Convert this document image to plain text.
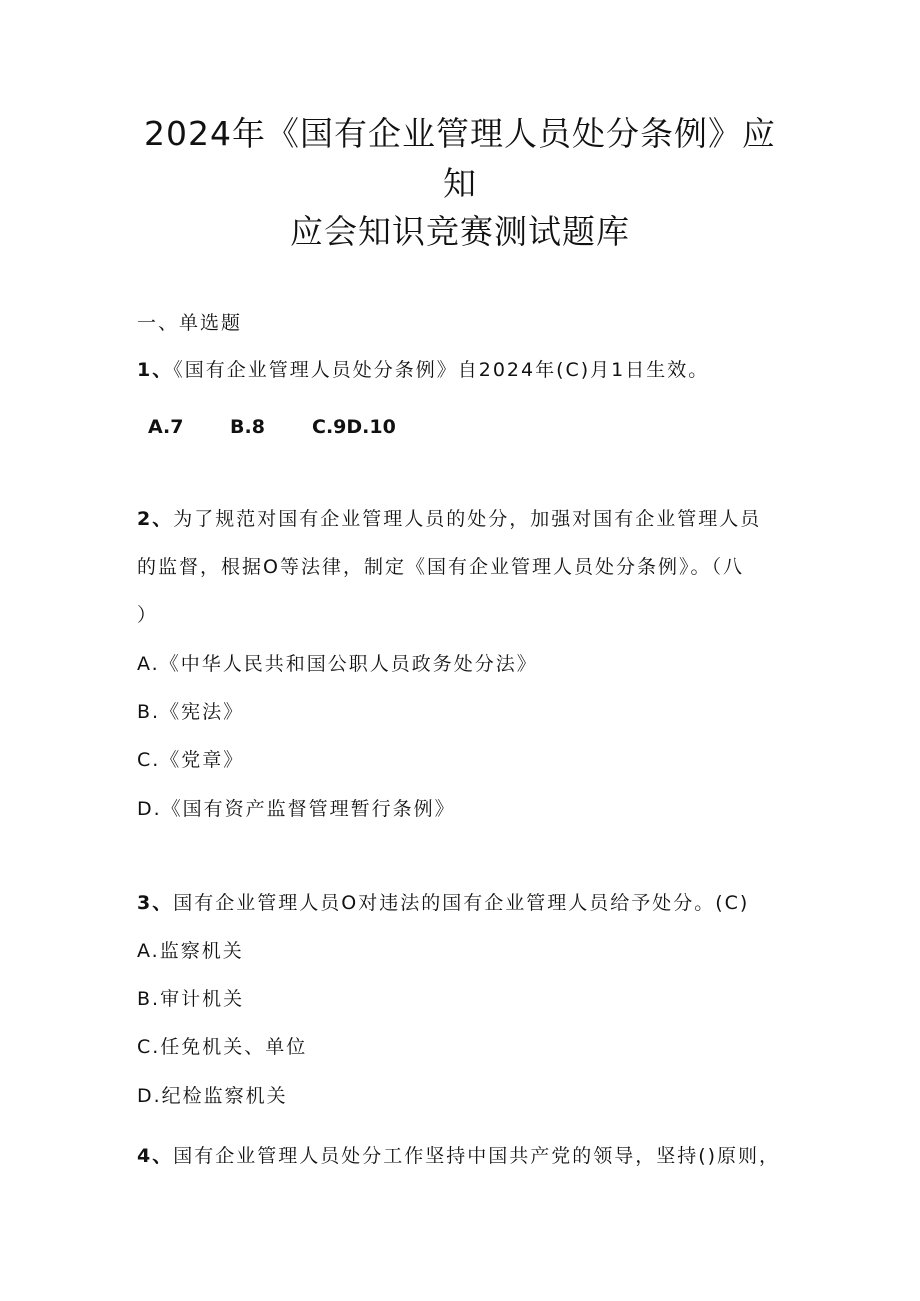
2024年《国有企业管理人员处分条例》应
知
应会知识竞赛测试题库
一、单选题
1、《国有企业管理人员处分条例》自2024年(C)月1日生效。
A.7 B.8 C.9D.10
2、为了规范对国有企业管理人员的处分，加强对国有企业管理人员
的监督，根据O等法律，制定《国有企业管理人员处分条例》。（八
）
A.《中华人民共和国公职人员政务处分法》
B.《宪法》
C.《党章》
D.《国有资产监督管理暂行条例》
3、国有企业管理人员O对违法的国有企业管理人员给予处分。(C)
A.监察机关
B.审计机关
C.任免机关、单位
D.纪检监察机关
4、国有企业管理人员处分工作坚持中国共产党的领导，坚持()原则，
